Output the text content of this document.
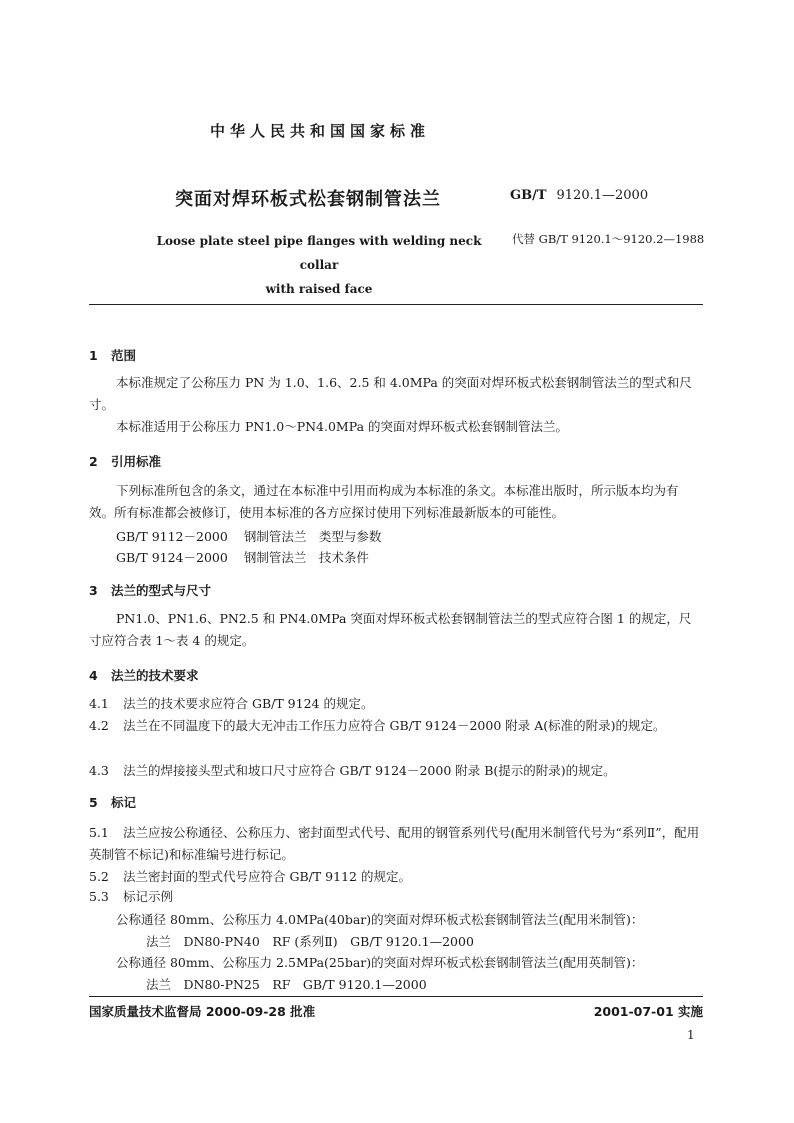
中华人民共和国国家标准
突面对焊环板式松套钢制管法兰	GB/T 9120.1—2000
Loose plate steel pipe flanges with welding neck collar
with raised face
代替 GB/T 9120.1～9120.2—1988
1 范围
本标准规定了公称压力 PN 为 1.0、1.6、2.5 和 4.0MPa 的突面对焊环板式松套钢制管法兰的型式和尺寸。
本标准适用于公称压力 PN1.0～PN4.0MPa 的突面对焊环板式松套钢制管法兰。
2 引用标准
下列标准所包含的条文，通过在本标准中引用而构成为本标准的条文。本标准出版时，所示版本均为有效。所有标准都会被修订，使用本标准的各方应探讨使用下列标准最新版本的可能性。
GB/T 9112－2000 钢制管法兰　类型与参数
GB/T 9124－2000 钢制管法兰　技术条件
3 法兰的型式与尺寸
PN1.0、PN1.6、PN2.5 和 PN4.0MPa 突面对焊环板式松套钢制管法兰的型式应符合图 1 的规定，尺寸应符合表 1～表 4 的规定。
4 法兰的技术要求
4.1 法兰的技术要求应符合 GB/T 9124 的规定。
4.2 法兰在不同温度下的最大无冲击工作压力应符合 GB/T 9124－2000 附录 A(标准的附录)的规定。
4.3 法兰的焊接接头型式和坡口尺寸应符合 GB/T 9124－2000 附录 B(提示的附录)的规定。
5 标记
5.1 法兰应按公称通径、公称压力、密封面型式代号、配用的钢管系列代号(配用米制管代号为“系列Ⅱ”，配用英制管不标记)和标准编号进行标记。
5.2 法兰密封面的型式代号应符合 GB/T 9112 的规定。
5.3 标记示例
公称通径 80mm、公称压力 4.0MPa(40bar)的突面对焊环板式松套钢制管法兰(配用米制管)：
法兰　DN80-PN40　RF (系列Ⅱ)　GB/T 9120.1—2000
公称通径 80mm、公称压力 2.5MPa(25bar)的突面对焊环板式松套钢制管法兰(配用英制管)：
法兰　DN80-PN25　RF　GB/T 9120.1—2000
国家质量技术监督局 2000-09-28 批准	2001-07-01 实施
1
